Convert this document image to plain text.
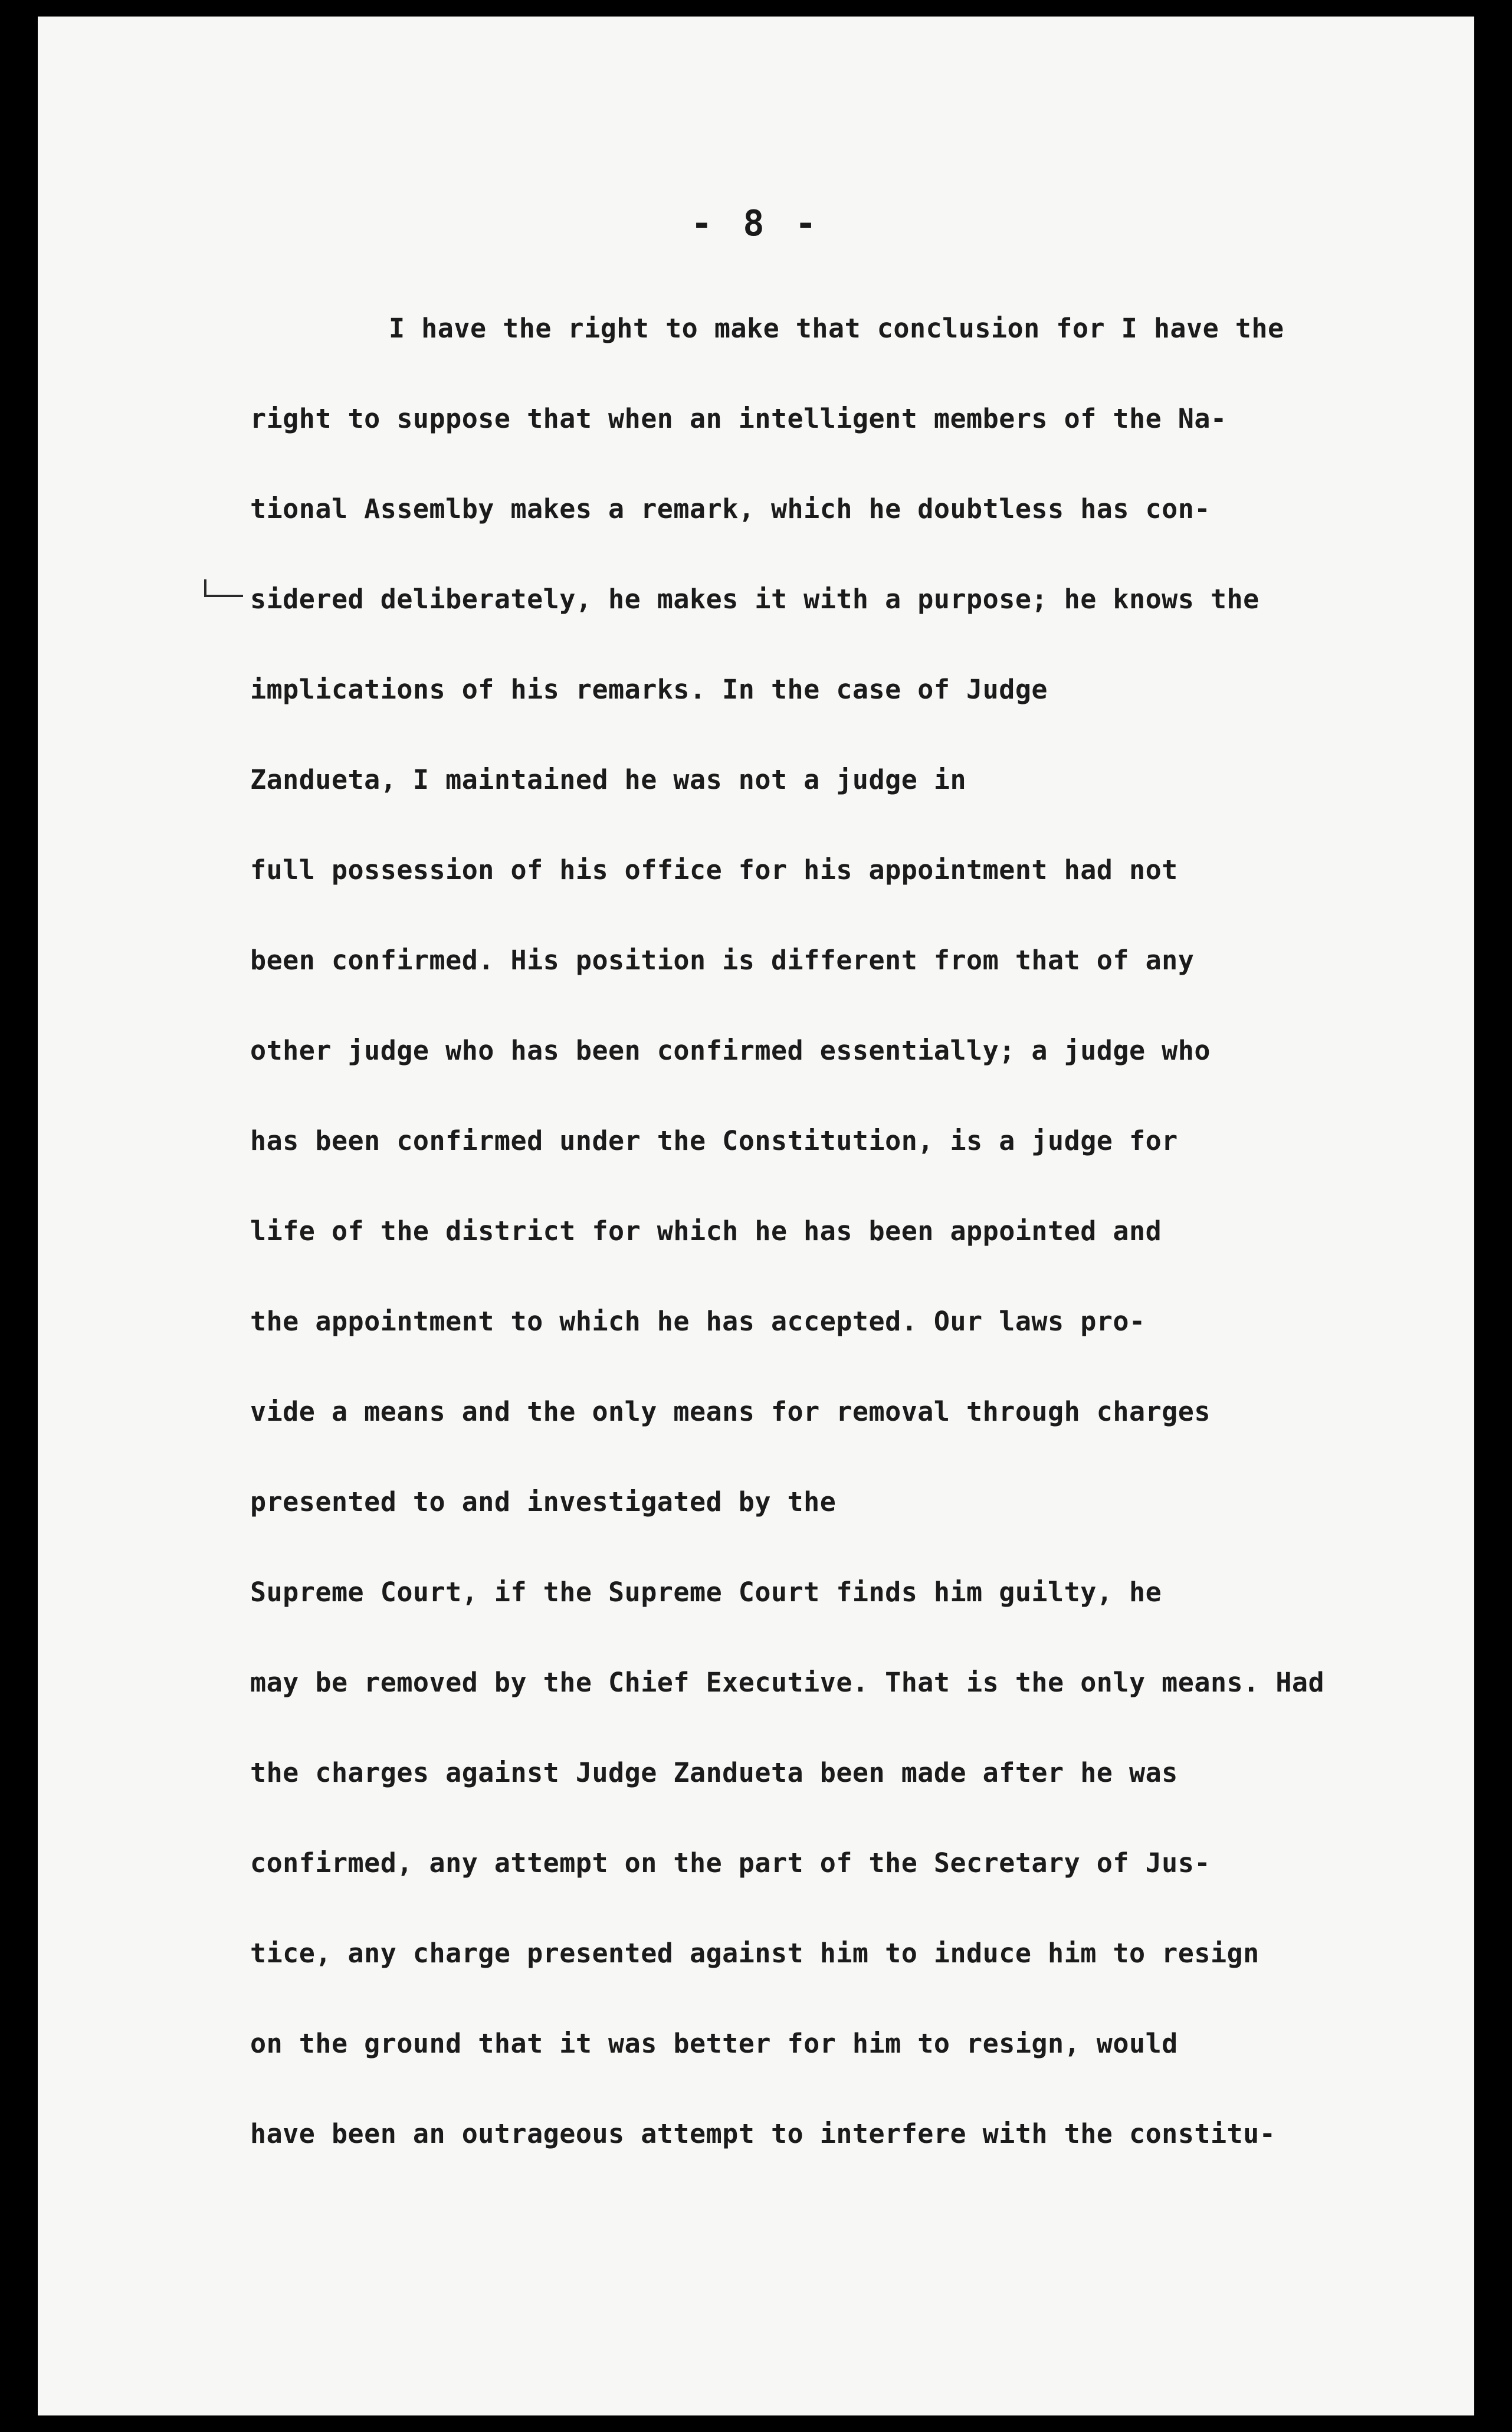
- 8 -
I have the right to make that conclusion for I have the
right to suppose that when an intelligent members of the Na-
tional Assemlby makes a remark, which he doubtless has con-
sidered deliberately, he makes it with a purpose; he knows the
implications of his remarks. In the case of Judge
Zandueta, I maintained he was not a judge in
full possession of his office for his appointment had not
been confirmed. His position is different from that of any
other judge who has been confirmed essentially; a judge who
has been confirmed under the Constitution, is a judge for
life of the district for which he has been appointed and
the appointment to which he has accepted. Our laws pro-
vide a means and the only means for removal through charges
presented to and investigated by the
Supreme Court, if the Supreme Court finds him guilty, he
may be removed by the Chief Executive. That is the only means. Had
the charges against Judge Zandueta been made after he was
confirmed, any attempt on the part of the Secretary of Jus-
tice, any charge presented against him to induce him to resign
on the ground that it was better for him to resign, would
have been an outrageous attempt to interfere with the constitu-
